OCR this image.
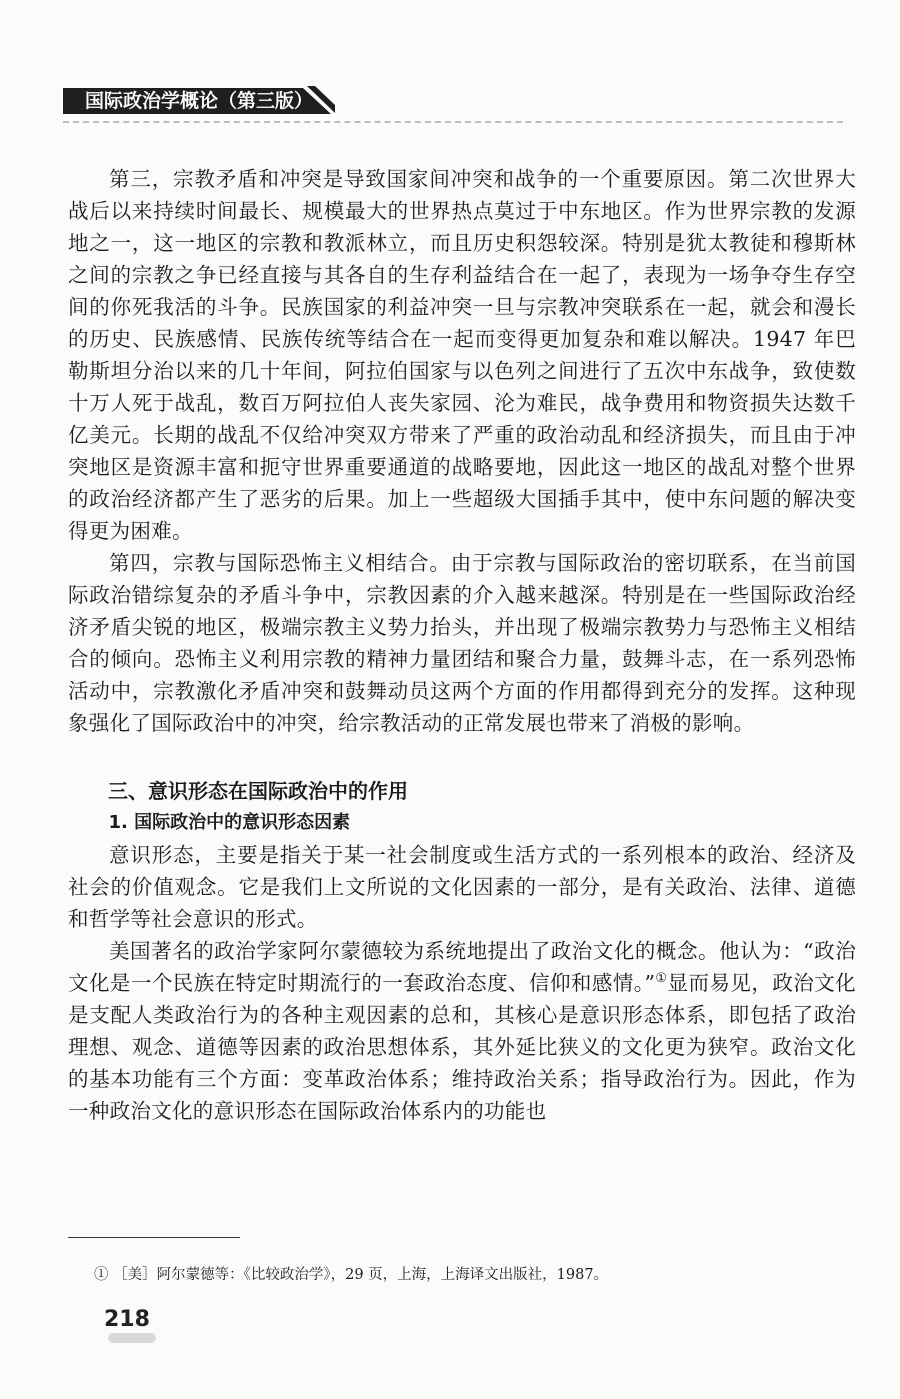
国际政治学概论（第三版）

第三，宗教矛盾和冲突是导致国家间冲突和战争的一个重要原因。第二次世界大战后以来持续时间最长、规模最大的世界热点莫过于中东地区。作为世界宗教的发源地之一，这一地区的宗教和教派林立，而且历史积怨较深。特别是犹太教徒和穆斯林之间的宗教之争已经直接与其各自的生存利益结合在一起了，表现为一场争夺生存空间的你死我活的斗争。民族国家的利益冲突一旦与宗教冲突联系在一起，就会和漫长的历史、民族感情、民族传统等结合在一起而变得更加复杂和难以解决。1947 年巴勒斯坦分治以来的几十年间，阿拉伯国家与以色列之间进行了五次中东战争，致使数十万人死于战乱，数百万阿拉伯人丧失家园、沦为难民，战争费用和物资损失达数千亿美元。长期的战乱不仅给冲突双方带来了严重的政治动乱和经济损失，而且由于冲突地区是资源丰富和扼守世界重要通道的战略要地，因此这一地区的战乱对整个世界的政治经济都产生了恶劣的后果。加上一些超级大国插手其中，使中东问题的解决变得更为困难。

第四，宗教与国际恐怖主义相结合。由于宗教与国际政治的密切联系，在当前国际政治错综复杂的矛盾斗争中，宗教因素的介入越来越深。特别是在一些国际政治经济矛盾尖锐的地区，极端宗教主义势力抬头，并出现了极端宗教势力与恐怖主义相结合的倾向。恐怖主义利用宗教的精神力量团结和聚合力量，鼓舞斗志，在一系列恐怖活动中，宗教激化矛盾冲突和鼓舞动员这两个方面的作用都得到充分的发挥。这种现象强化了国际政治中的冲突，给宗教活动的正常发展也带来了消极的影响。

三、意识形态在国际政治中的作用
1. 国际政治中的意识形态因素

意识形态，主要是指关于某一社会制度或生活方式的一系列根本的政治、经济及社会的价值观念。它是我们上文所说的文化因素的一部分，是有关政治、法律、道德和哲学等社会意识的形式。

美国著名的政治学家阿尔蒙德较为系统地提出了政治文化的概念。他认为：“政治文化是一个民族在特定时期流行的一套政治态度、信仰和感情。”①显而易见，政治文化是支配人类政治行为的各种主观因素的总和，其核心是意识形态体系，即包括了政治理想、观念、道德等因素的政治思想体系，其外延比狭义的文化更为狭窄。政治文化的基本功能有三个方面：变革政治体系；维持政治关系；指导政治行为。因此，作为一种政治文化的意识形态在国际政治体系内的功能也

① ［美］阿尔蒙德等：《比较政治学》，29 页，上海，上海译文出版社，1987。
218
